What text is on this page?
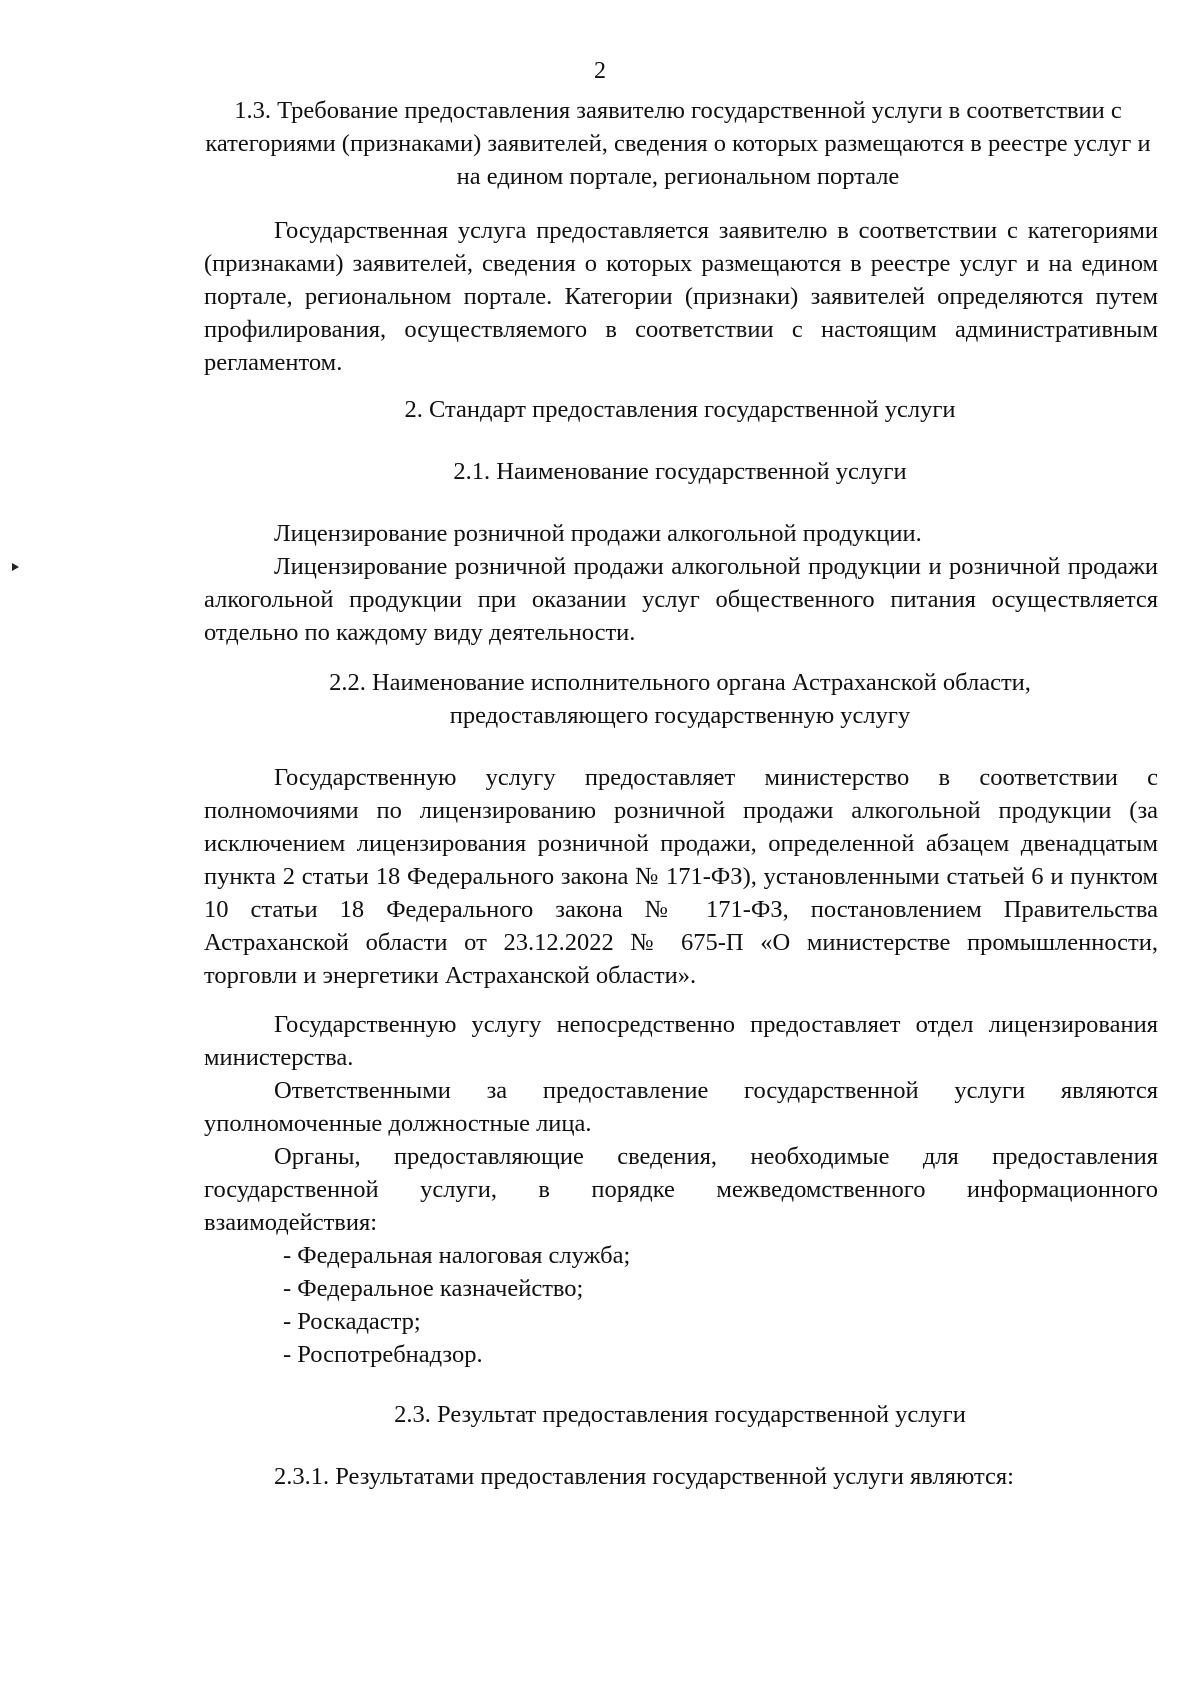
2
1.3. Требование предоставления заявителю государственной услуги в соответствии с категориями (признаками) заявителей, сведения о которых размещаются в реестре услуг и на едином портале, региональном портале
Государственная услуга предоставляется заявителю в соответствии с категориями (признаками) заявителей, сведения о которых размещаются в реестре услуг и на едином портале, региональном портале. Категории (признаки) заявителей определяются путем профилирования, осуществляемого в соответствии с настоящим административным регламентом.
2. Стандарт предоставления государственной услуги
2.1. Наименование государственной услуги
Лицензирование розничной продажи алкогольной продукции.
Лицензирование розничной продажи алкогольной продукции и розничной продажи алкогольной продукции при оказании услуг общественного питания осуществляется отдельно по каждому виду деятельности.
2.2. Наименование исполнительного органа Астраханской области,
предоставляющего государственную услугу
Государственную услугу предоставляет министерство в соответствии с полномочиями по лицензированию розничной продажи алкогольной продукции (за исключением лицензирования розничной продажи, определенной абзацем двенадцатым пункта 2 статьи 18 Федерального закона № 171-ФЗ), установленными статьей 6 и пунктом 10 статьи 18 Федерального закона № 171-ФЗ, постановлением Правительства Астраханской области от 23.12.2022 № 675-П «О министерстве промышленности, торговли и энергетики Астраханской области».
Государственную услугу непосредственно предоставляет отдел лицензирования министерства.
Ответственными за предоставление государственной услуги являются уполномоченные должностные лица.
Органы, предоставляющие сведения, необходимые для предоставления государственной услуги, в порядке межведомственного информационного взаимодействия:
- Федеральная налоговая служба;
- Федеральное казначейство;
- Роскадастр;
- Роспотребнадзор.
2.3. Результат предоставления государственной услуги
2.3.1. Результатами предоставления государственной услуги являются:
